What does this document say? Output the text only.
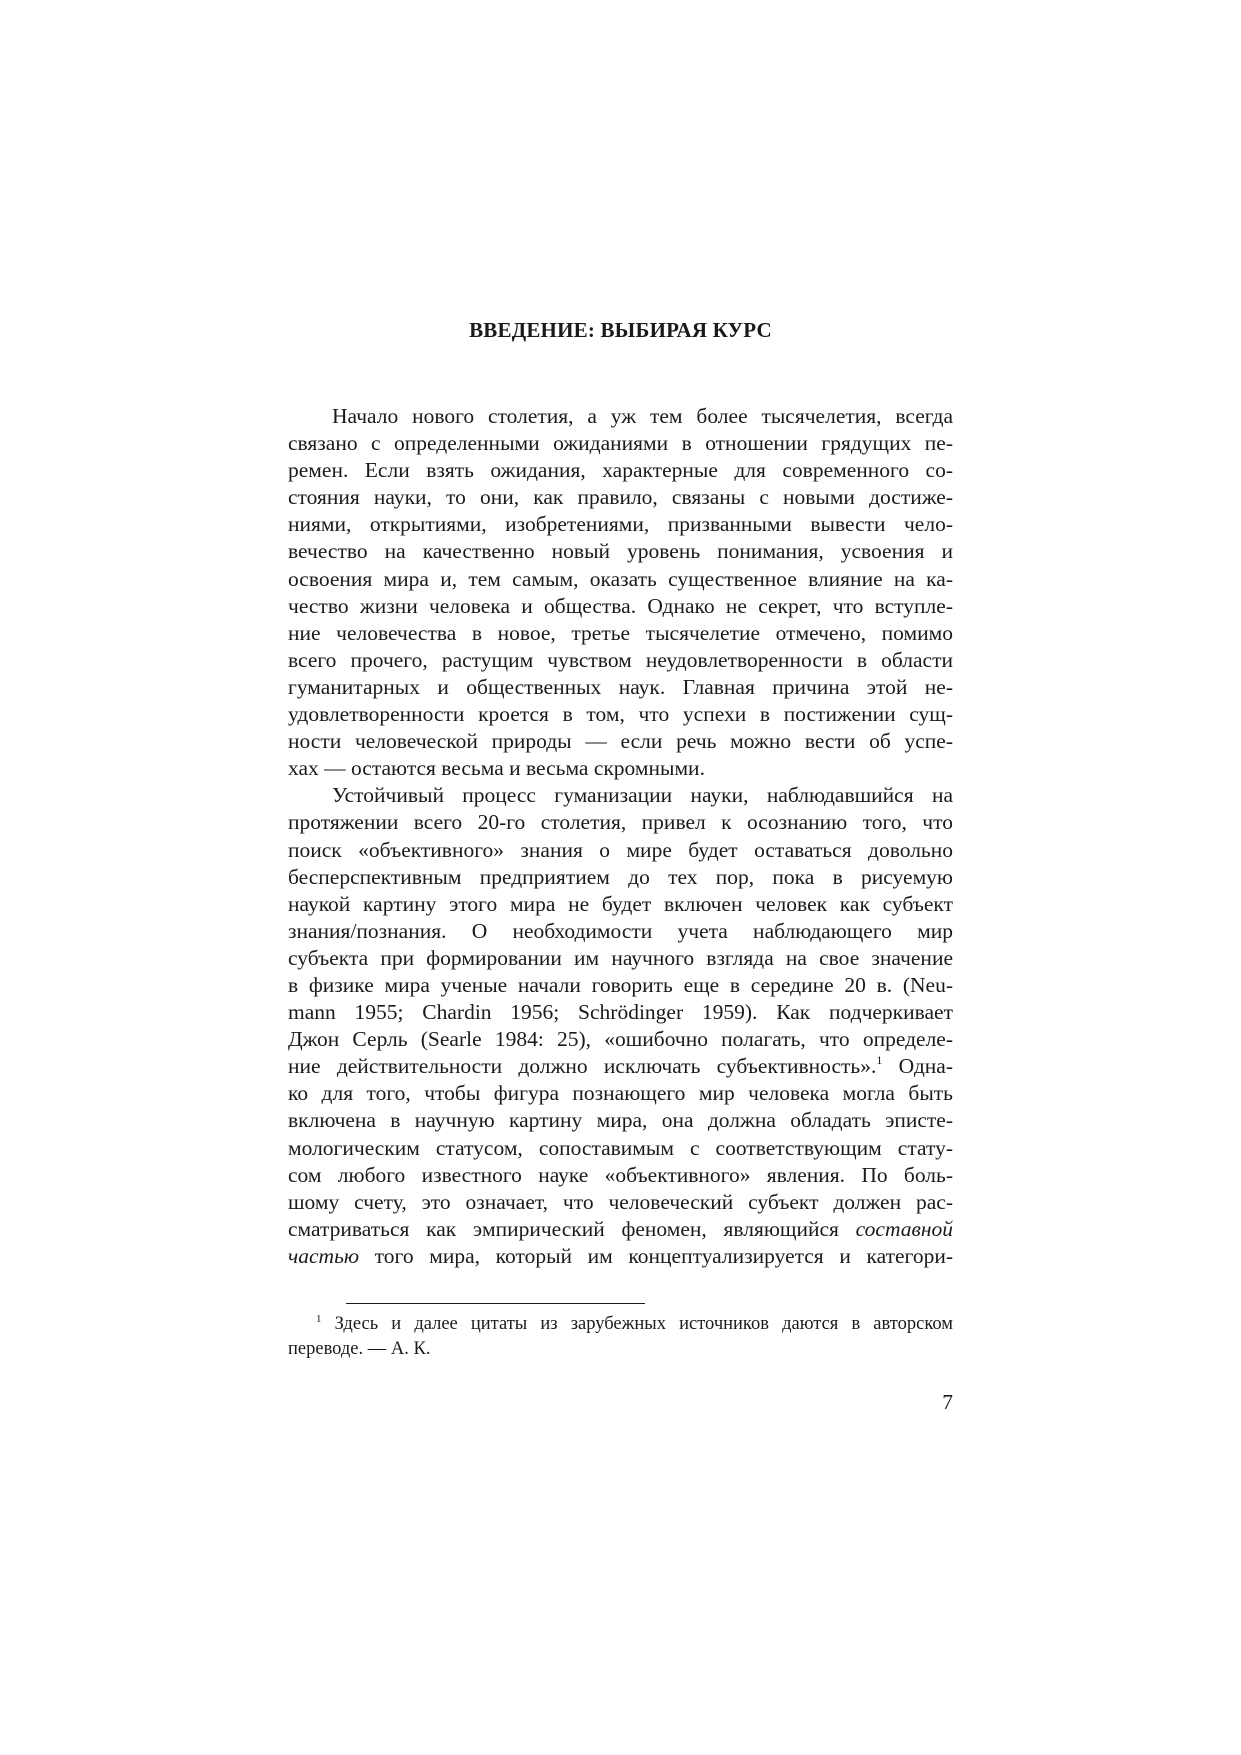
ВВЕДЕНИЕ: ВЫБИРАЯ КУРС
Начало нового столетия, а уж тем более тысячелетия, всегда
связано с определенными ожиданиями в отношении грядущих пе-
ремен. Если взять ожидания, характерные для современного со-
стояния науки, то они, как правило, связаны с новыми достиже-
ниями, открытиями, изобретениями, призванными вывести чело-
вечество на качественно новый уровень понимания, усвоения и
освоения мира и, тем самым, оказать существенное влияние на ка-
чество жизни человека и общества. Однако не секрет, что вступле-
ние человечества в новое, третье тысячелетие отмечено, помимо
всего прочего, растущим чувством неудовлетворенности в области
гуманитарных и общественных наук. Главная причина этой не-
удовлетворенности кроется в том, что успехи в постижении сущ-
ности человеческой природы — если речь можно вести об успе-
хах — остаются весьма и весьма скромными.
Устойчивый процесс гуманизации науки, наблюдавшийся на
протяжении всего 20-го столетия, привел к осознанию того, что
поиск «объективного» знания о мире будет оставаться довольно
бесперспективным предприятием до тех пор, пока в рисуемую
наукой картину этого мира не будет включен человек как субъект
знания/познания. О необходимости учета наблюдающего мир
субъекта при формировании им научного взгляда на свое значение
в физике мира ученые начали говорить еще в середине 20 в. (Neu-
mann 1955; Chardin 1956; Schrödinger 1959). Как подчеркивает
Джон Серль (Searle 1984: 25), «ошибочно полагать, что определе-
ние действительности должно исключать субъективность».$^1$ Одна-
ко для того, чтобы фигура познающего мир человека могла быть
включена в научную картину мира, она должна обладать эписте-
мологическим статусом, сопоставимым с соответствующим стату-
сом любого известного науке «объективного» явления. По боль-
шому счету, это означает, что человеческий субъект должен рас-
сматриваться как эмпирический феномен, являющийся составной
частью того мира, который им концептуализируется и категори-
$^1$ Здесь и далее цитаты из зарубежных источников даются в авторском
переводе. — А. К.
7
